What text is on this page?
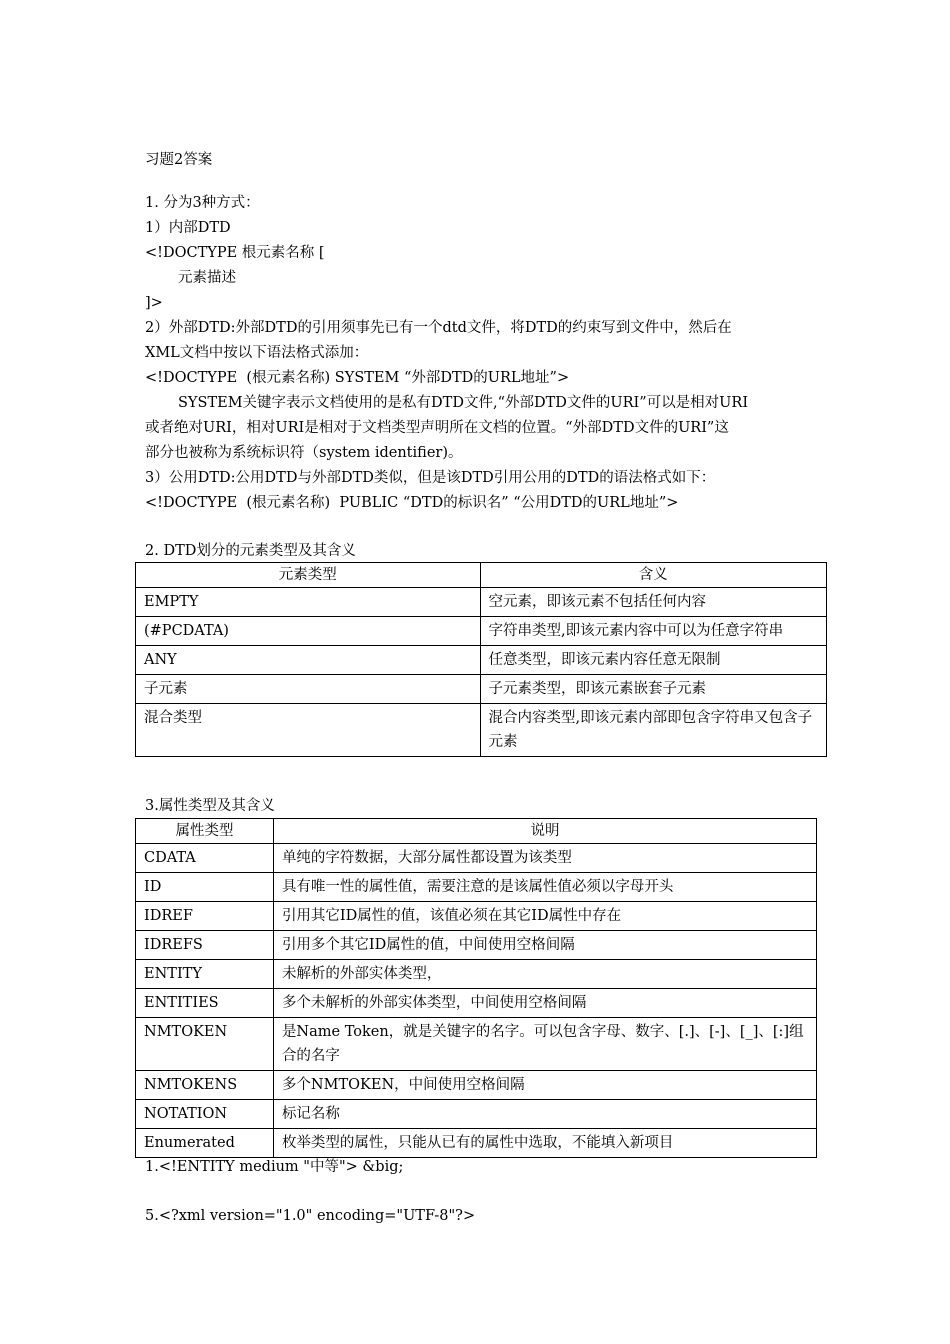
习题2答案
1. 分为3种方式：
1）内部DTD
<!DOCTYPE 根元素名称 [
元素描述
]>
2）外部DTD:外部DTD的引用须事先已有一个dtd文件，将DTD的约束写到文件中，然后在
XML文档中按以下语法格式添加：
<!DOCTYPE  (根元素名称) SYSTEM “外部DTD的URL地址”>
SYSTEM关键字表示文档使用的是私有DTD文件,“外部DTD文件的URI”可以是相对URI
或者绝对URI，相对URI是相对于文档类型声明所在文档的位置。“外部DTD文件的URI”这
部分也被称为系统标识符（system identifier)。
3）公用DTD:公用DTD与外部DTD类似，但是该DTD引用公用的DTD的语法格式如下：
<!DOCTYPE  (根元素名称)  PUBLIC “DTD的标识名” “公用DTD的URL地址”>
2. DTD划分的元素类型及其含义
元素类型	含义
EMPTY	空元素，即该元素不包括任何内容
(#PCDATA)	字符串类型,即该元素内容中可以为任意字符串
ANY	任意类型，即该元素内容任意无限制
子元素	子元素类型，即该元素嵌套子元素
混合类型	混合内容类型,即该元素内部即包含字符串又包含子元素
3.属性类型及其含义
属性类型	说明
CDATA	单纯的字符数据，大部分属性都设置为该类型
ID	具有唯一性的属性值，需要注意的是该属性值必须以字母开头
IDREF	引用其它ID属性的值，该值必须在其它ID属性中存在
IDREFS	引用多个其它ID属性的值，中间使用空格间隔
ENTITY	未解析的外部实体类型，
ENTITIES	多个未解析的外部实体类型，中间使用空格间隔
NMTOKEN	是Name Token，就是关键字的名字。可以包含字母、数字、[.]、[-]、[_]、[:]组合的名字
NMTOKENS	多个NMTOKEN，中间使用空格间隔
NOTATION	标记名称
Enumerated	枚举类型的属性，只能从已有的属性中选取，不能填入新项目
1.<!ENTITY medium "中等"> &big;
5.<?xml version="1.0" encoding="UTF-8"?>
